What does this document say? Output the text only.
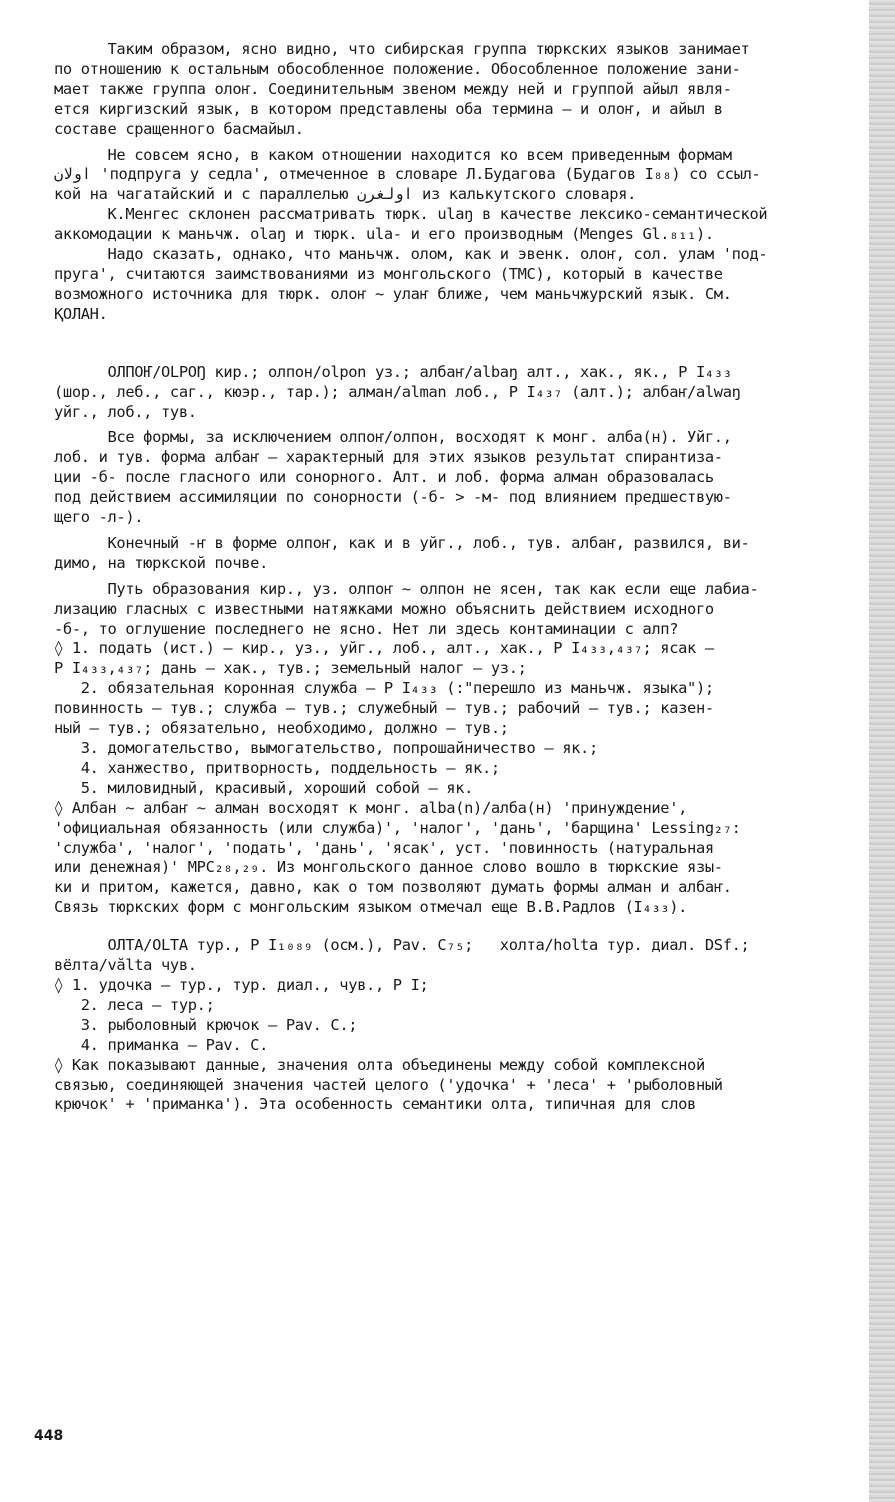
Таким образом, ясно видно, что сибирская группа тюркских языков занимает

по отношению к остальным обособленное положение. Обособленное положение зани-

мает также группа олоҥ. Соединительным звеном между ней и группой айыл явля-

ется киргизский язык, в котором представлены оба термина – и олоҥ, и айыл в

составе сращенного басмайыл.

Не совсем ясно, в каком отношении находится ко всем приведенным формам

اولان 'подпруга у седла', отмеченное в словаре Л.Будагова (Будагов I₈₈) со ссыл-

кой на чагатайский и с параллелью اولغرن из калькутского словаря.

К.Менгес склонен рассматривать тюрк. ulaŋ в качестве лексико-семантической

аккомодации к маньчж. olaŋ и тюрк. ula- и его производным (Menges Gl.₈₁₁).

Надо сказать, однако, что маньчж. олом, как и эвенк. олоҥ, сол. улам 'под-

пруга', считаются заимствованиями из монгольского (ТМС), который в качестве

возможного источника для тюрк. олоҥ ~ улаҥ ближе, чем маньчжурский язык. См.

ҚОЛАН.

ОЛПОҤ/OLPOŊ кир.; олпон/olpon уз.; албаҥ/albaŋ алт., хак., як., Р I₄₃₃

(шор., леб., саг., кюэр., тар.); алман/alman лоб., Р I₄₃₇ (алт.); албаҥ/alwaŋ

уйг., лоб., тув.

Все формы, за исключением олпоҥ/олпон, восходят к монг. албa(н). Уйг.,

лоб. и тув. форма албаҥ – характерный для этих языков результат спирантиза-

ции -б- после гласного или сонорного. Алт. и лоб. форма алман образовалась

под действием ассимиляции по сонорности (-б- > -м- под влиянием предшествую-

щего -л-).

Конечный -ҥ в форме олпоҥ, как и в уйг., лоб., тув. албаҥ, развился, ви-

димо, на тюркской почве.

Путь образования кир., уз. олпоҥ ~ олпон не ясен, так как если еще лабиа-

лизацию гласных с известными натяжками можно объяснить действием исходного

-б-, то оглушение последнего не ясно. Нет ли здесь контаминации с алп?

◊ 1. подать (ист.) – кир., уз., уйг., лоб., алт., хак., Р I₄₃₃,₄₃₇; ясак –

Р I₄₃₃,₄₃₇; дань – хак., тув.; земельный налог – уз.;

2. обязательная коронная служба – Р I₄₃₃ (:"перешло из маньчж. языка");

повинность – тув.; служба – тув.; служебный – тув.; рабочий – тув.; казен-

ный – тув.; обязательно, необходимо, должно – тув.;

3. домогательство, вымогательство, попрошайничество – як.;

4. ханжество, притворность, поддельность – як.;

5. миловидный, красивый, хороший собой – як.

◊ Албан ~ албаҥ ~ алман восходят к монг. alba(n)/алба(н) 'принуждение',

'официальная обязанность (или служба)', 'налог', 'дань', 'барщина' Lessing₂₇:

'служба', 'налог', 'подать', 'дань', 'ясак', уст. 'повинность (натуральная

или денежная)' МРС₂₈,₂₉. Из монгольского данное слово вошло в тюркские язы-

ки и притом, кажется, давно, как о том позволяют думать формы алман и албаҥ.

Связь тюркских форм с монгольским языком отмечал еще В.В.Радлов (I₄₃₃).

ОЛТА/OLTA тур., Р I₁₀₈₉ (осм.), Pav. C₇₅;   холта/holta тур. диал. DSf.;

вёлта/vălta чув.

◊ 1. удочка – тур., тур. диал., чув., Р I;

2. леса – тур.;

3. рыболовный крючок – Pav. C.;

4. приманка – Pav. C.

◊ Как показывают данные, значения олта объединены между собой комплексной

связью, соединяющей значения частей целого ('удочка' + 'леса' + 'рыболовный

крючок' + 'приманка'). Эта особенность семантики олта, типичная для слов

448
